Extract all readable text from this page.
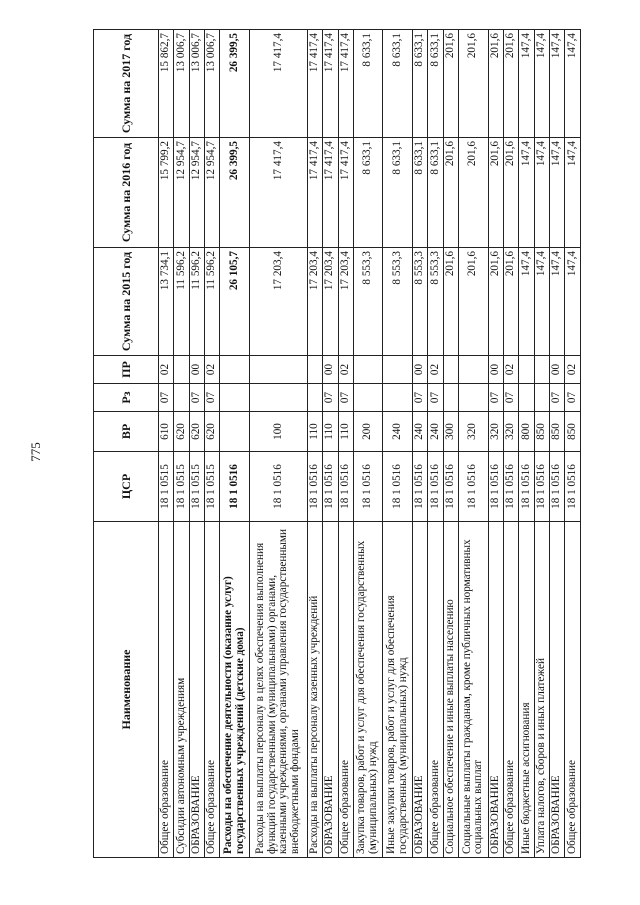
775
Наименование	ЦСР	ВР	Рз	ПР	Сумма на 2015 год	Сумма на 2016 год	Сумма на 2017 год
Общее образование	18 1 0515	610	07	02	13 734,1	15 799,2	15 862,7
Субсидии автономным учреждениям	18 1 0515	620			11 596,2	12 954,7	13 006,7
ОБРАЗОВАНИЕ	18 1 0515	620	07	00	11 596,2	12 954,7	13 006,7
Общее образование	18 1 0515	620	07	02	11 596,2	12 954,7	13 006,7
Расходы на обеспечение деятельности (оказание услуг) государственных учреждений (детские дома)	18 1 0516				26 105,7	26 399,5	26 399,5
Расходы на выплаты персоналу в целях обеспечения выполнения функций государственными (муниципальными) органами, казенными учреждениями, органами управления государственными внебюджетными фондами	18 1 0516	100			17 203,4	17 417,4	17 417,4
Расходы на выплаты персоналу казенных учреждений	18 1 0516	110			17 203,4	17 417,4	17 417,4
ОБРАЗОВАНИЕ	18 1 0516	110	07	00	17 203,4	17 417,4	17 417,4
Общее образование	18 1 0516	110	07	02	17 203,4	17 417,4	17 417,4
Закупка товаров, работ и услуг для обеспечения государственных (муниципальных) нужд	18 1 0516	200			8 553,3	8 633,1	8 633,1
Иные закупки товаров, работ и услуг для обеспечения государственных (муниципальных) нужд	18 1 0516	240			8 553,3	8 633,1	8 633,1
ОБРАЗОВАНИЕ	18 1 0516	240	07	00	8 553,3	8 633,1	8 633,1
Общее образование	18 1 0516	240	07	02	8 553,3	8 633,1	8 633,1
Социальное обеспечение и иные выплаты населению	18 1 0516	300			201,6	201,6	201,6
Социальные выплаты гражданам, кроме публичных нормативных социальных выплат	18 1 0516	320			201,6	201,6	201,6
ОБРАЗОВАНИЕ	18 1 0516	320	07	00	201,6	201,6	201,6
Общее образование	18 1 0516	320	07	02	201,6	201,6	201,6
Иные бюджетные ассигнования	18 1 0516	800			147,4	147,4	147,4
Уплата налогов, сборов и иных платежей	18 1 0516	850			147,4	147,4	147,4
ОБРАЗОВАНИЕ	18 1 0516	850	07	00	147,4	147,4	147,4
Общее образование	18 1 0516	850	07	02	147,4	147,4	147,4
